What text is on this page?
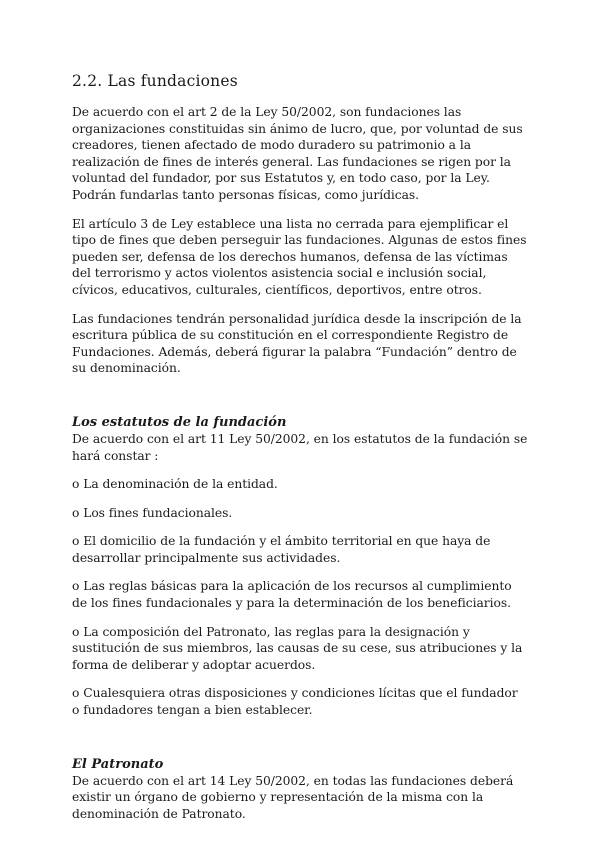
2.2. Las fundaciones

De acuerdo con el art 2 de la Ley 50/2002, son fundaciones las organizaciones constituidas sin ánimo de lucro, que, por voluntad de sus creadores, tienen afectado de modo duradero su patrimonio a la realización de fines de interés general. Las fundaciones se rigen por la voluntad del fundador, por sus Estatutos y, en todo caso, por la Ley. Podrán fundarlas tanto personas físicas, como jurídicas.

El artículo 3 de Ley establece una lista no cerrada para ejemplificar el tipo de fines que deben perseguir las fundaciones. Algunas de estos fines pueden ser, defensa de los derechos humanos, defensa de las víctimas del terrorismo y actos violentos asistencia social e inclusión social, cívicos, educativos, culturales, científicos, deportivos, entre otros.

Las fundaciones tendrán personalidad jurídica desde la inscripción de la escritura pública de su constitución en el correspondiente Registro de Fundaciones. Además, deberá figurar la palabra “Fundación” dentro de su denominación.

Los estatutos de la fundación

De acuerdo con el art 11 Ley 50/2002, en los estatutos de la fundación se hará constar :

o La denominación de la entidad.

o Los fines fundacionales.

o El domicilio de la fundación y el ámbito territorial en que haya de desarrollar principalmente sus actividades.

o Las reglas básicas para la aplicación de los recursos al cumplimiento de los fines fundacionales y para la determinación de los beneficiarios.

o La composición del Patronato, las reglas para la designación y sustitución de sus miembros, las causas de su cese, sus atribuciones y la forma de deliberar y adoptar acuerdos.

o Cualesquiera otras disposiciones y condiciones lícitas que el fundador o fundadores tengan a bien establecer.

El Patronato

De acuerdo con el art 14 Ley 50/2002, en todas las fundaciones deberá existir un órgano de gobierno y representación de la misma con la denominación de Patronato.
